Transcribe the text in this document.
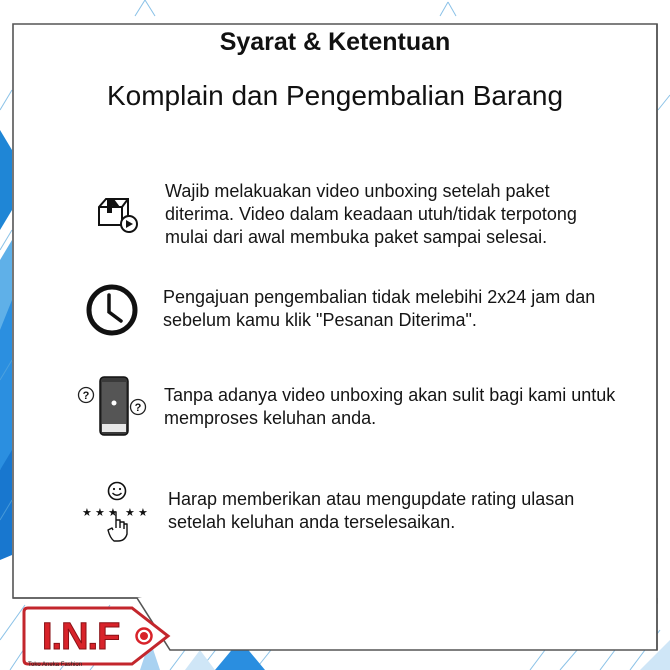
Syarat & Ketentuan
Komplain dan Pengembalian Barang
Wajib melakuakan video unboxing setelah paket
diterima. Video dalam keadaan utuh/tidak terpotong
mulai dari awal membuka paket sampai selesai.
Pengajuan pengembalian tidak melebihi 2x24 jam dan
sebelum kamu klik "Pesanan Diterima".
?
?
Tanpa adanya video unboxing akan sulit bagi kami untuk
memproses keluhan anda.
★ ★ ★ ★ ★
Harap memberikan atau mengupdate rating ulasan
setelah keluhan anda terselesaikan.
I.N.F
Toko Aneka Fashion
